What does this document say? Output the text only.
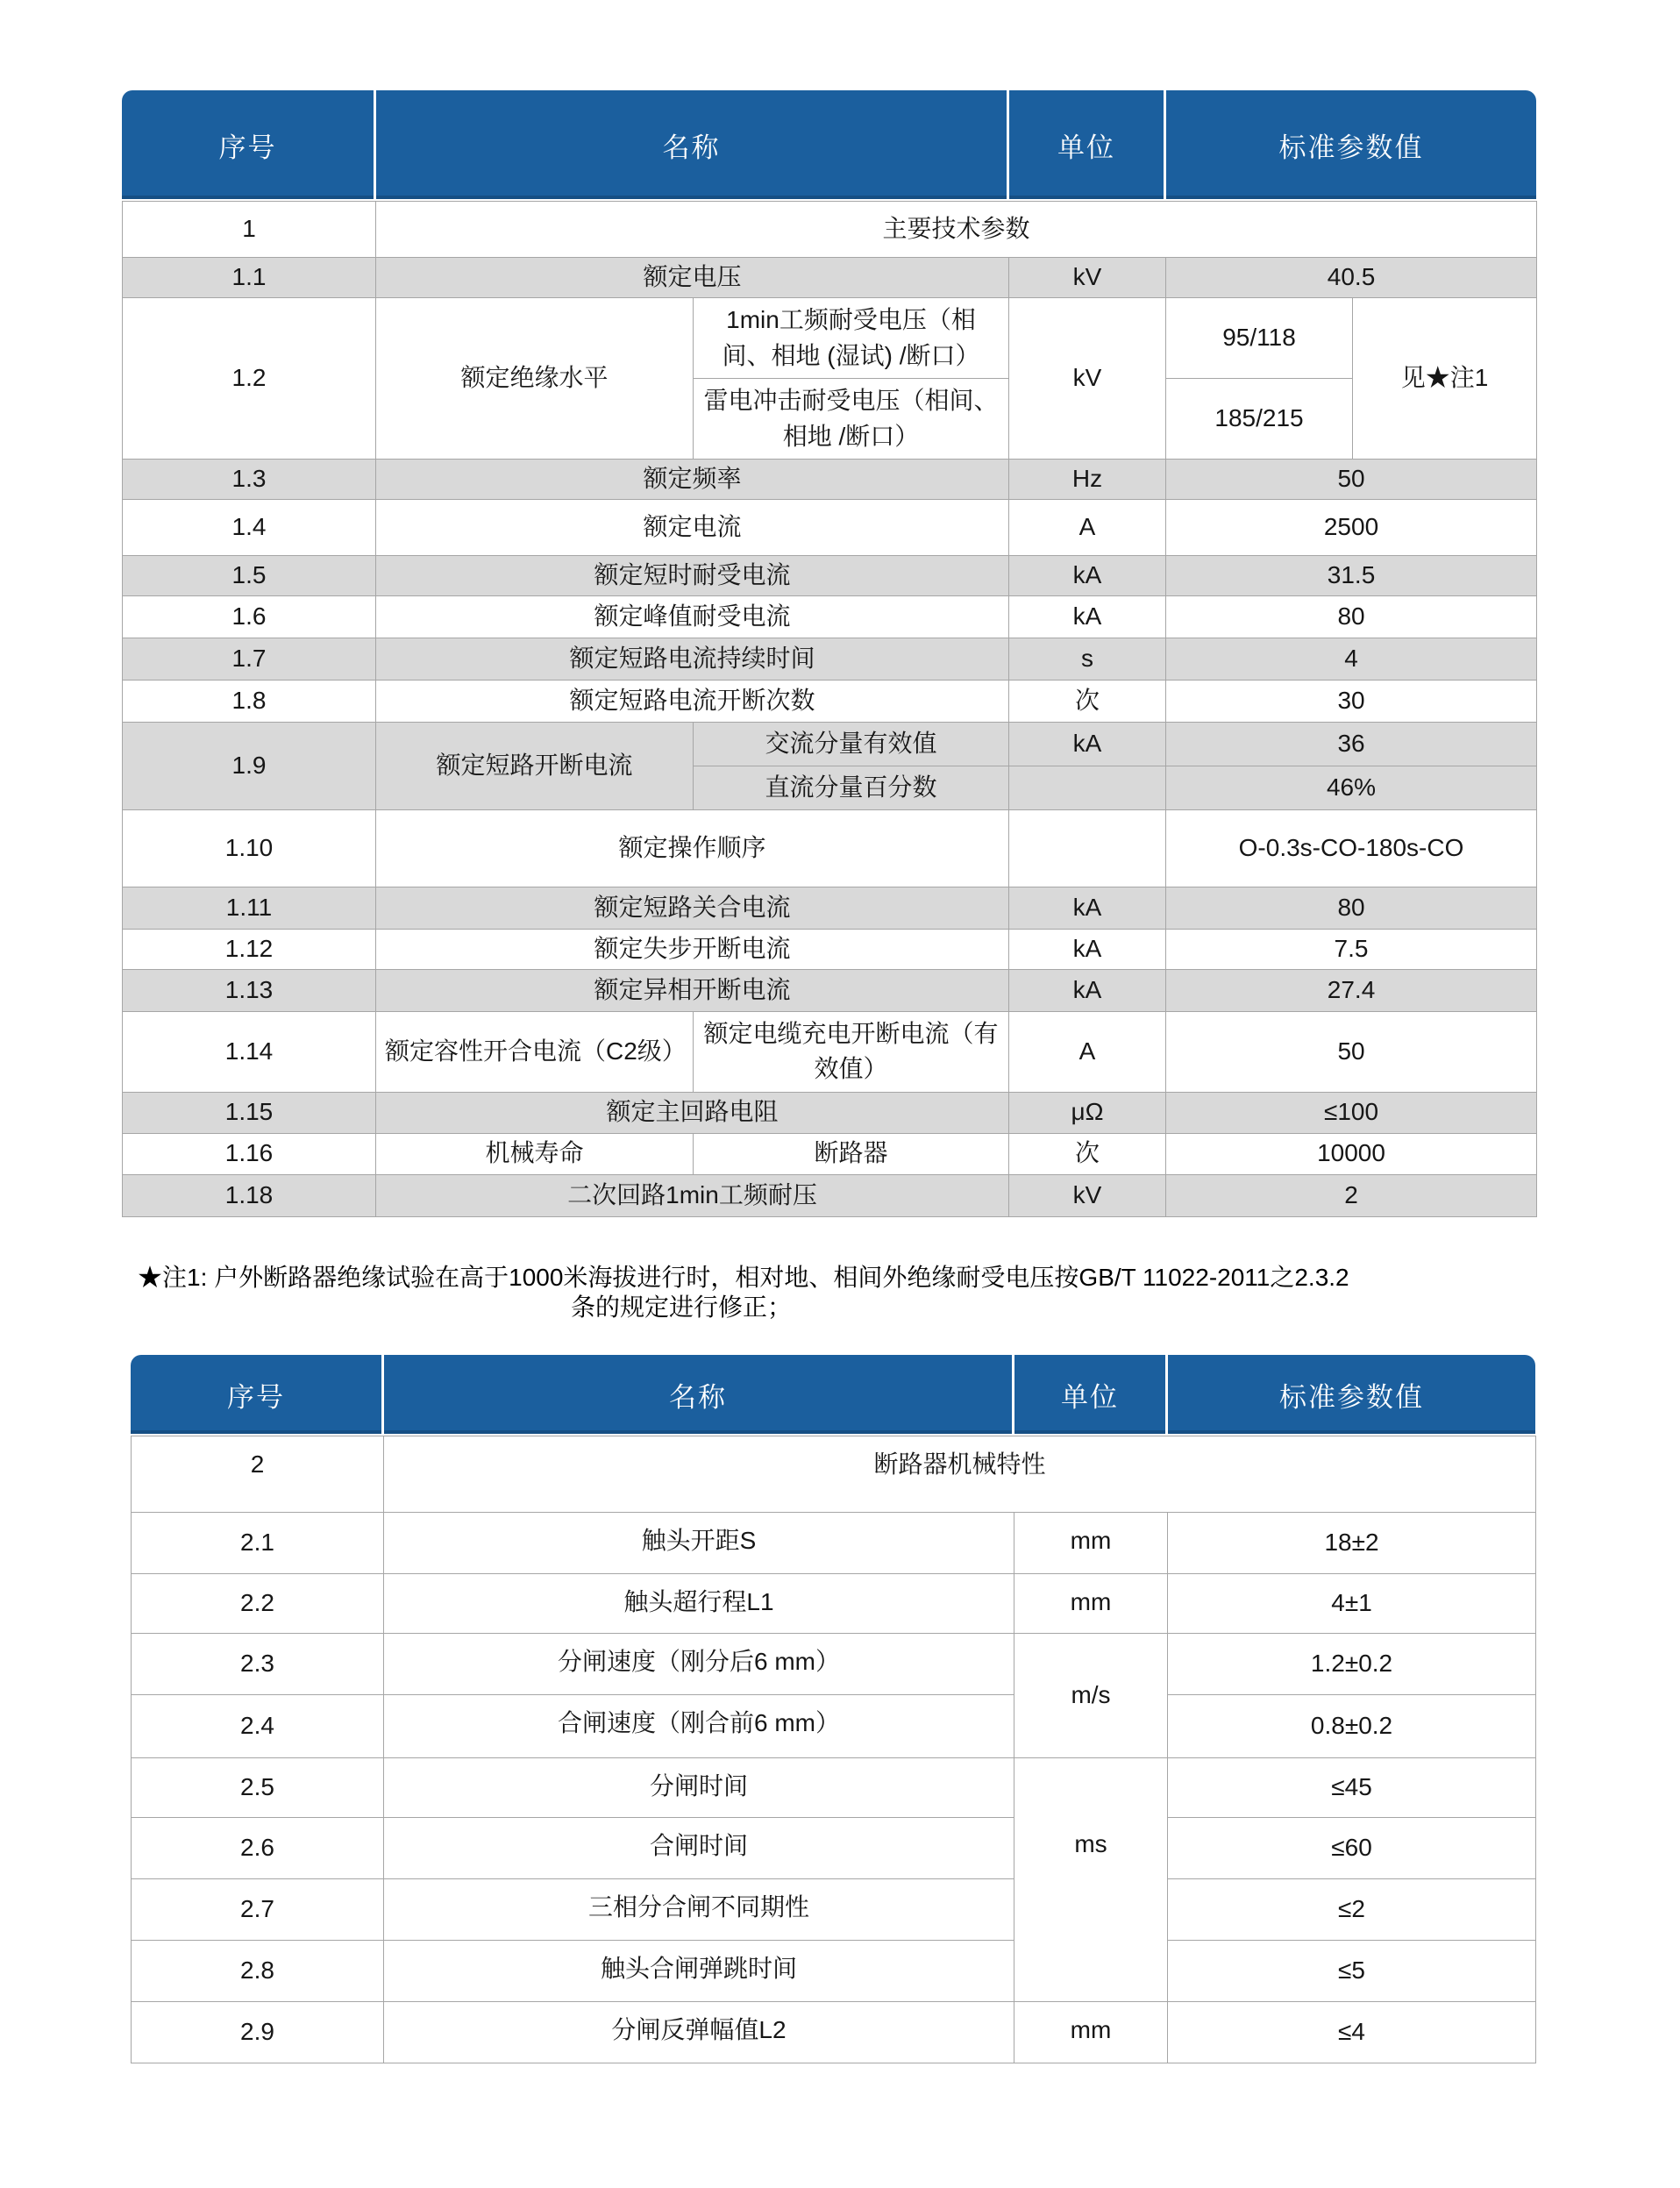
序号	名称	单位	标准参数值
1	主要技术参数				
1.1	额定电压		kV	40.5	
1.2	额定绝缘水平	1min工频耐受电压（相间、相地 (湿试) /断口）	kV	95/118	见★注1
		雷电冲击耐受电压（相间、相地 /断口）		185/215	
1.3	额定频率		Hz	50	
1.4	额定电流		A	2500	
1.5	额定短时耐受电流		kA	31.5	
1.6	额定峰值耐受电流		kA	80	
1.7	额定短路电流持续时间		s	4	
1.8	额定短路电流开断次数		次	30	
1.9	额定短路开断电流	交流分量有效值	kA	36	
		直流分量百分数		46%	
1.10	额定操作顺序			O-0.3s-CO-180s-CO	
1.11	额定短路关合电流		kA	80	
1.12	额定失步开断电流		kA	7.5	
1.13	额定异相开断电流		kA	27.4	
1.14	额定容性开合电流（C2级）	额定电缆充电开断电流（有效值）	A	50	
1.15	额定主回路电阻		μΩ	≤100	
1.16	机械寿命	断路器	次	10000	
1.18	二次回路1min工频耐压		kV	2	
★注1: 户外断路器绝缘试验在高于1000米海拔进行时，相对地、相间外绝缘耐受电压按GB/T 11022-2011之2.3.2
条的规定进行修正；
序号	名称	单位	标准参数值
2	断路器机械特性		
2.1	触头开距S	mm	18±2
2.2	触头超行程L1	mm	4±1
2.3	分闸速度（刚分后6 mm）	m/s	1.2±0.2
2.4	合闸速度（刚合前6 mm）		0.8±0.2
2.5	分闸时间	ms	≤45
2.6	合闸时间		≤60
2.7	三相分合闸不同期性		≤2
2.8	触头合闸弹跳时间		≤5
2.9	分闸反弹幅值L2	mm	≤4
